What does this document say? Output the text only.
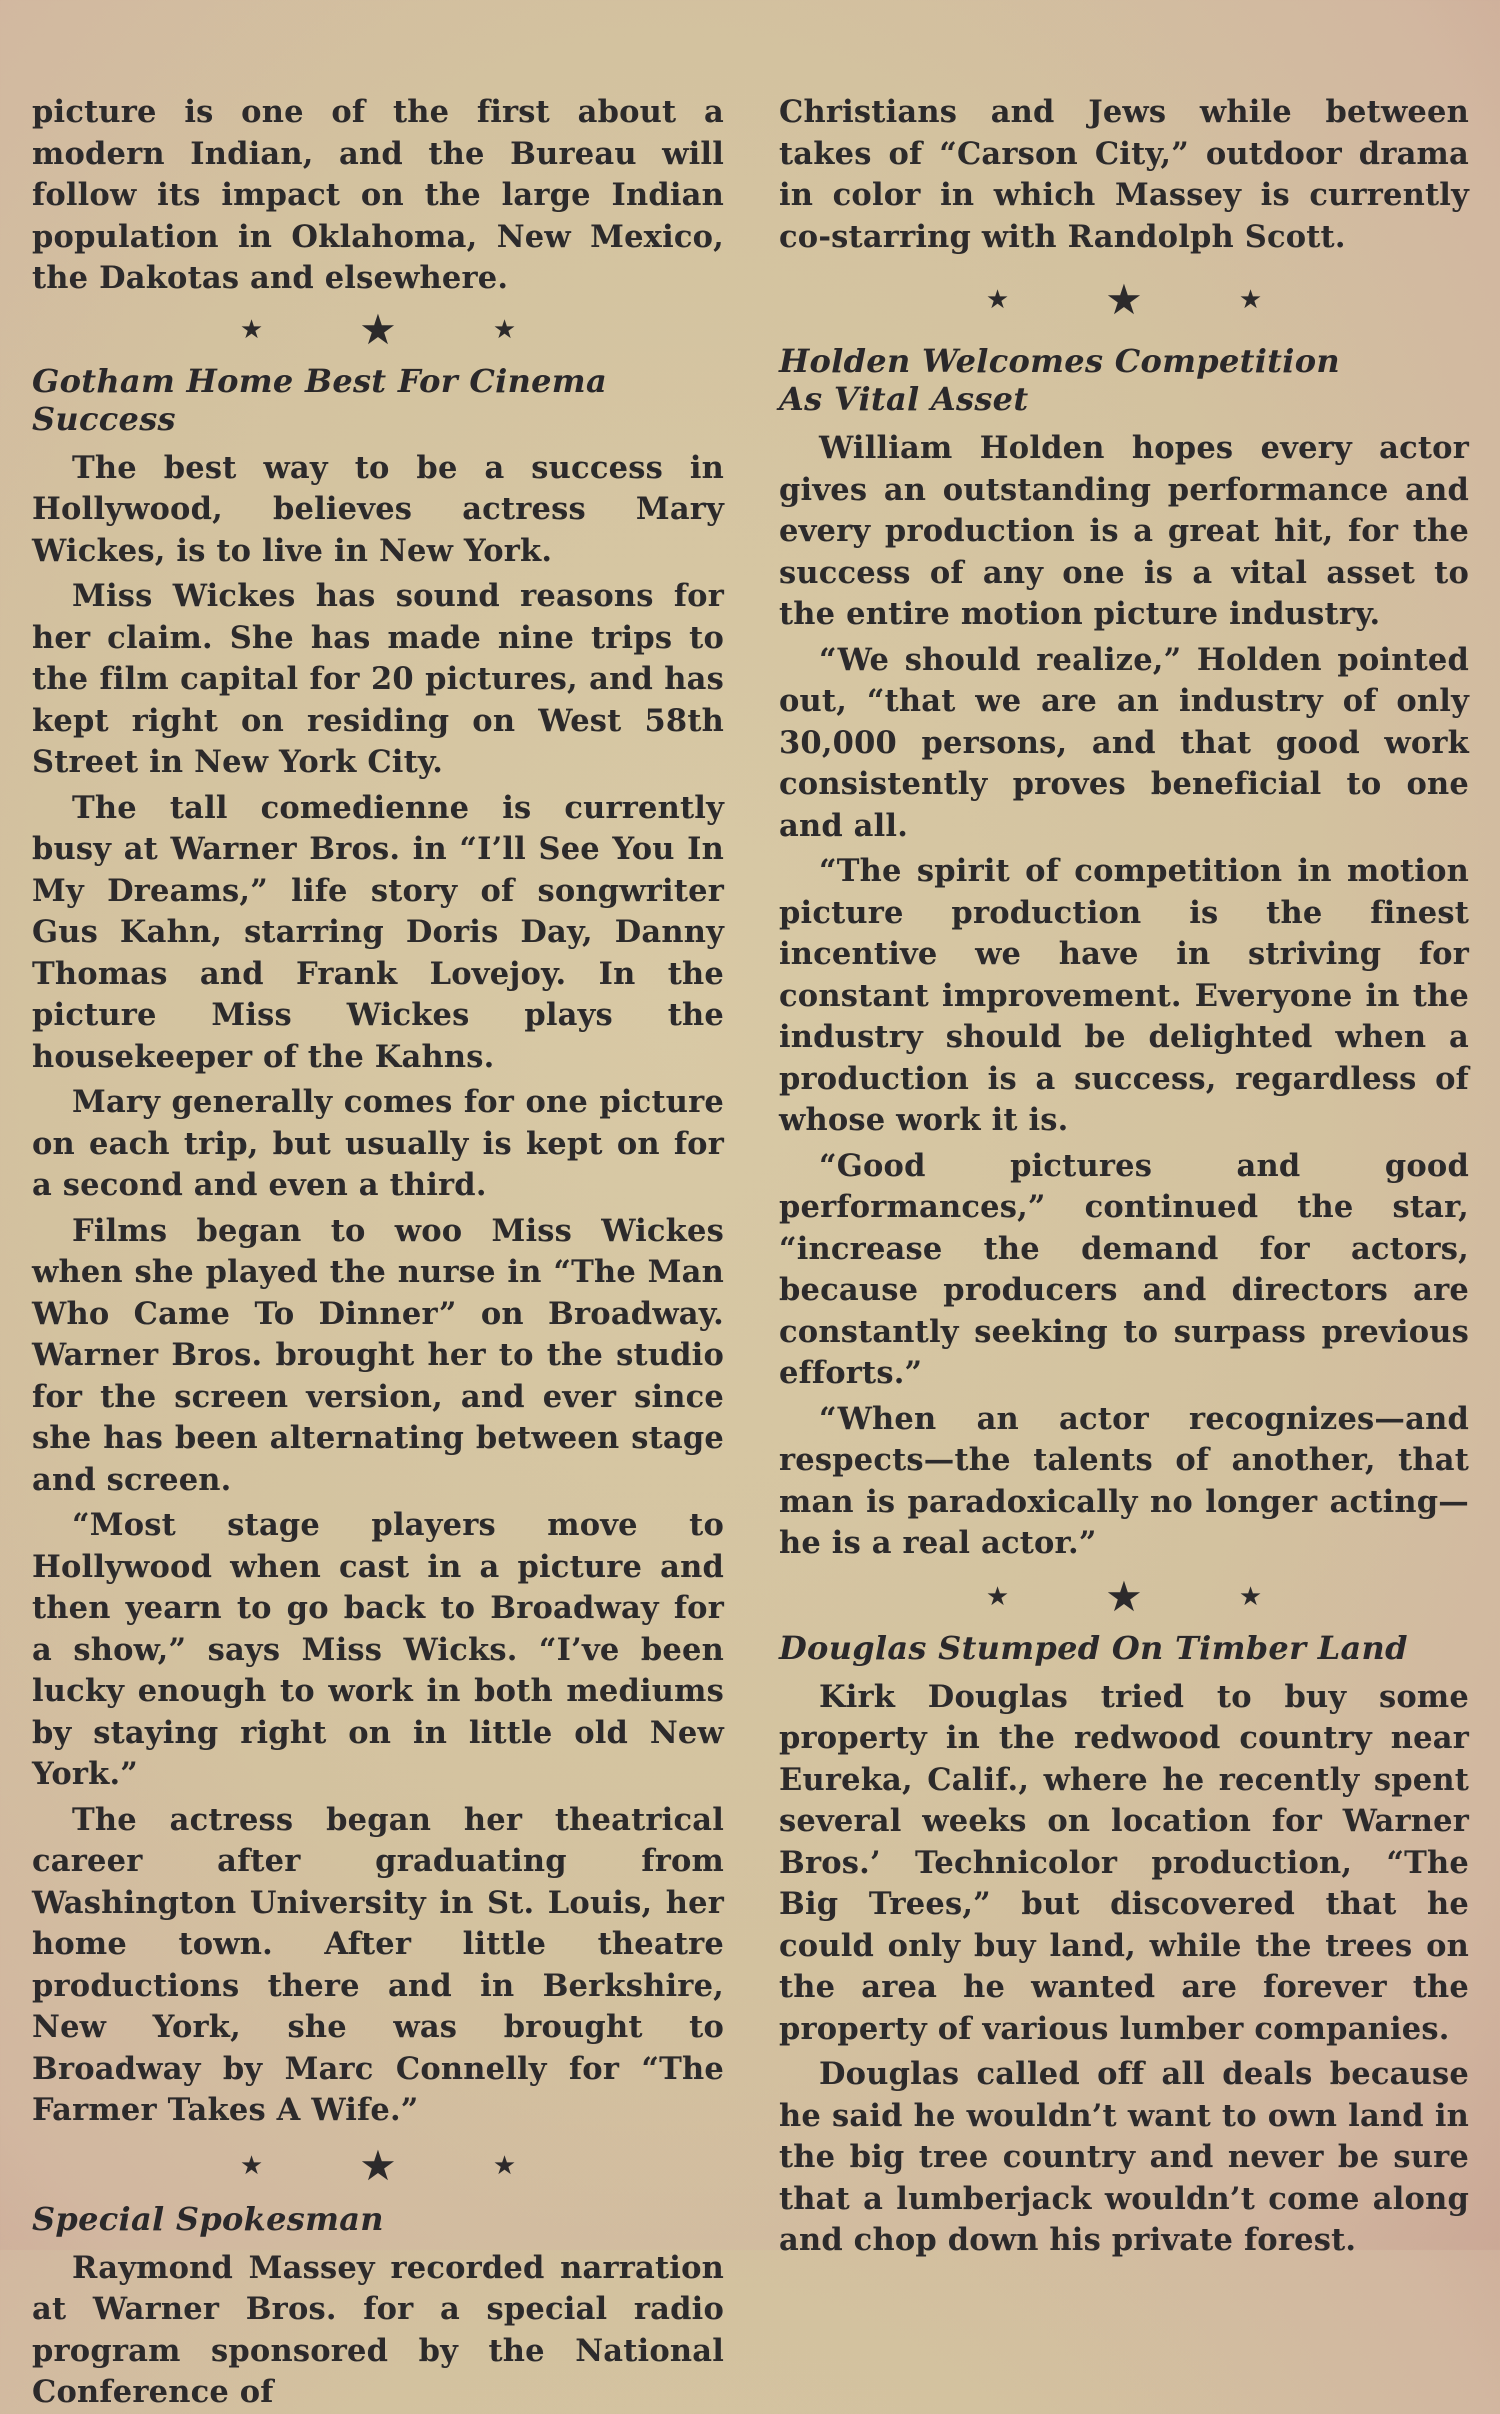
picture is one of the first about a modern Indian, and the Bureau will follow its impact on the large Indian population in Oklahoma, New Mexico, the Dakotas and elsewhere.

★ ★	★
Gotham Home Best For Cinema Success

The best way to be a success in Hollywood, believes actress Mary Wickes, is to live in New York.

Miss Wickes has sound reasons for her claim. She has made nine trips to the film capital for 20 pictures, and has kept right on residing on West 58th Street in New York City.

The tall comedienne is currently busy at Warner Bros. in “I’ll See You In My Dreams,” life story of songwriter Gus Kahn, starring Doris Day, Danny Thomas and Frank Lovejoy. In the picture Miss Wickes plays the housekeeper of the Kahns.

Mary generally comes for one picture on each trip, but usually is kept on for a second and even a third.

Films began to woo Miss Wickes when she played the nurse in “The Man Who Came To Dinner” on Broadway. Warner Bros. brought her to the studio for the screen version, and ever since she has been alternating between stage and screen.

“Most stage players move to Hollywood when cast in a picture and then yearn to go back to Broadway for a show,” says Miss Wicks. “I’ve been lucky enough to work in both mediums by staying right on in little old New York.”

The actress began her theatrical career after graduating from Washington University in St. Louis, her home town. After little theatre productions there and in Berkshire, New York, she was brought to Broadway by Marc Connelly for “The Farmer Takes A Wife.”

★ ★	★
Special Spokesman

Raymond Massey recorded narration at Warner Bros. for a special radio program sponsored by the National Conference of

Christians and Jews while between takes of “Carson City,” outdoor drama in color in which Massey is currently co-starring with Randolph Scott.

★ ★	★
Holden Welcomes Competition
As Vital Asset

William Holden hopes every actor gives an outstanding performance and every production is a great hit, for the success of any one is a vital asset to the entire motion picture industry.

“We should realize,” Holden pointed out, “that we are an industry of only 30,000 persons, and that good work consistently proves beneficial to one and all.

“The spirit of competition in motion picture production is the finest incentive we have in striving for constant improvement. Everyone in the industry should be delighted when a production is a success, regardless of whose work it is.

“Good pictures and good performances,” continued the star, “increase the demand for actors, because producers and directors are constantly seeking to surpass previous efforts.”

“When an actor recognizes—and respects—the talents of another, that man is paradoxically no longer acting—he is a real actor.”

★ ★	★
Douglas Stumped On Timber Land

Kirk Douglas tried to buy some property in the redwood country near Eureka, Calif., where he recently spent several weeks on location for Warner Bros.’ Technicolor production, “The Big Trees,” but discovered that he could only buy land, while the trees on the area he wanted are forever the property of various lumber companies.

Douglas called off all deals because he said he wouldn’t want to own land in the big tree country and never be sure that a lumberjack wouldn’t come along and chop down his private forest.
